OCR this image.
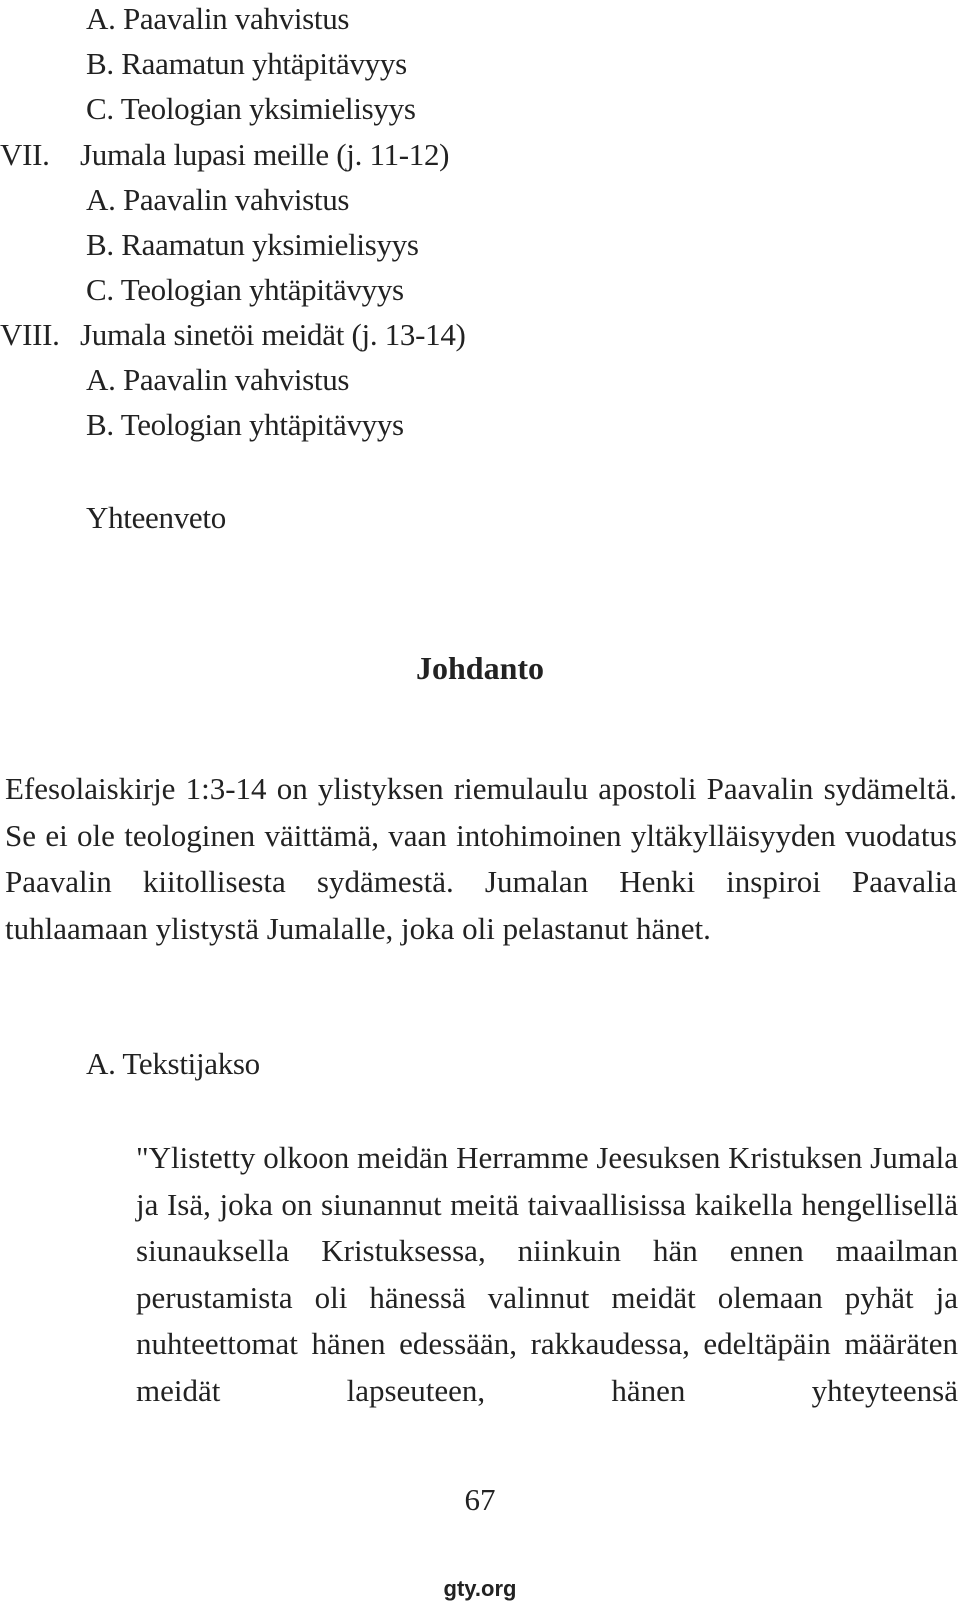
A. Paavalin vahvistus
B. Raamatun yhtäpitävyys
C. Teologian yksimielisyys
VII. Jumala lupasi meille (j. 11-12)
A. Paavalin vahvistus
B. Raamatun yksimielisyys
C. Teologian yhtäpitävyys
VIII. Jumala sinetöi meidät (j. 13-14)
A. Paavalin vahvistus
B. Teologian yhtäpitävyys
Yhteenveto
Johdanto

Efesolaiskirje 1:3-14 on ylistyksen riemulaulu apostoli Paavalin sydämeltä. Se ei ole teologinen väittämä, vaan intohimoinen yltäkylläisyyden vuodatus Paavalin kiitollisesta sydämestä. Jumalan Henki inspiroi Paavalia tuhlaamaan ylistystä Jumalalle, joka oli pelastanut hänet.

A. Tekstijakso

"Ylistetty olkoon meidän Herramme Jeesuksen Kristuksen Jumala ja Isä, joka on siunannut meitä taivaallisissa kaikella hengellisellä siunauksella Kristuksessa, niinkuin hän ennen maailman perustamista oli hänessä valinnut meidät olemaan pyhät ja nuhteettomat hänen edessään, rakkaudessa, edeltäpäin määräten meidät lapseuteen, hänen yhteyteensä

67
gty.org
